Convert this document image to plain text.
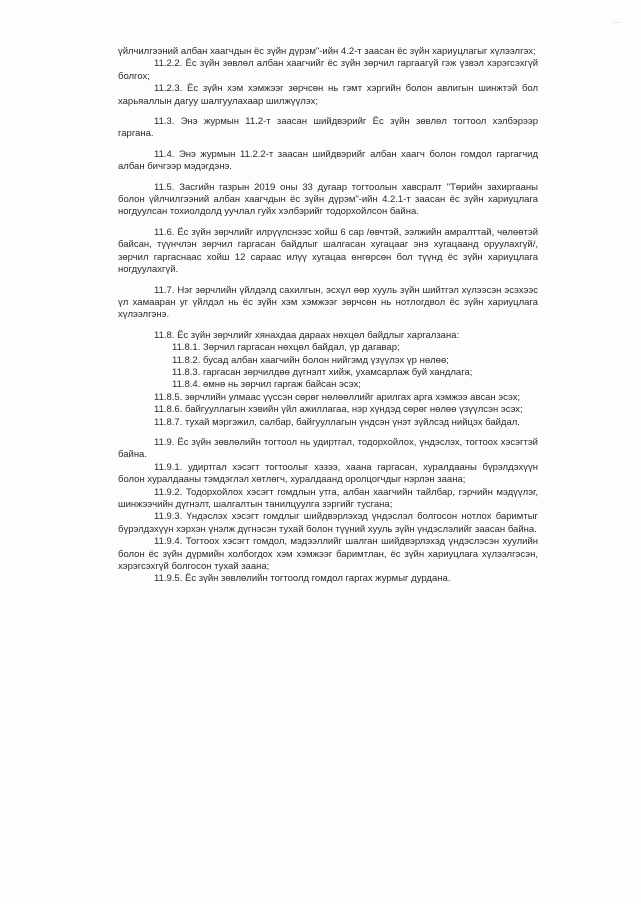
...

үйлчилгээний албан хаагчдын ёс зүйн дүрэм"-ийн 4.2-т заасан ёс зүйн хариуцлагыг хүлээлгэх;

11.2.2. Ёс зүйн зөвлөл албан хаагчийг ёс зүйн зөрчил гаргаагүй гэж үзвэл хэрэгсэхгүй болгох;

11.2.3. Ёс зүйн хэм хэмжээг зөрчсөн нь гэмт хэргийн болон авлигын шинжтэй бол харьяаллын дагуу шалгуулахаар шилжүүлэх;

11.3. Энэ журмын 11.2-т заасан шийдвэрийг Ёс зүйн зөвлөл тогтоол хэлбэрээр гаргана.

11.4. Энэ журмын 11.2.2-т заасан шийдвэрийг албан хаагч болон гомдол гаргагчид албан бичгээр мэдэгдэнэ.

11.5. Засгийн газрын 2019 оны 33 дугаар тогтоолын хавсралт "Төрийн захиргааны болон үйлчилгээний албан хаагчдын ёс зүйн дүрэм"-ийн 4.2.1-т заасан ёс зүйн хариуцлага ногдуулсан тохиолдолд уучлал гуйх хэлбэрийг тодорхойлсон байна.

11.6. Ёс зүйн зөрчлийг илрүүлснээс хойш 6 сар /өвчтэй, ээлжийн амралттай, чөлөөтэй байсан, түүнчлэн зөрчил гаргасан байдлыг шалгасан хугацааг энэ хугацаанд оруулахгүй/, зөрчил гаргаснаас хойш 12 сараас илүү хугацаа өнгөрсөн бол түүнд ёс зүйн хариуцлага ногдуулахгүй.

11.7. Нэг зөрчлийн үйлдэлд сахилгын, эсхүл өөр хууль зүйн шийтгэл хүлээсэн эсэхээс үл хамааран уг үйлдэл нь ёс зүйн хэм хэмжээг зөрчсөн нь нотлогдвол ёс зүйн хариуцлага хүлээлгэнэ.

11.8. Ёс зүйн зөрчлийг хянахдаа дараах нөхцөл байдлыг харгалзана:

11.8.1. Зөрчил гаргасан нөхцөл байдал, үр дагавар;

11.8.2. бусад албан хаагчийн болон нийгэмд үзүүлэх үр нөлөө;

11.8.3. гаргасан зөрчилдөө дүгнэлт хийж, ухамсарлаж буй хандлага;

11.8.4. өмнө нь зөрчил гаргаж байсан эсэх;

11.8.5. зөрчлийн улмаас үүссэн сөрөг нөлөөллийг арилгах арга хэмжээ авсан эсэх;

11.8.6. байгууллагын хэвийн үйл ажиллагаа, нэр хүндэд сөрөг нөлөө үзүүлсэн эсэх;

11.8.7. тухай мэргэжил, салбар, байгууллагын үндсэн үнэт зүйлсэд нийцэх байдал.

11.9. Ёс зүйн зөвлөлийн тогтоол нь удиртгал, тодорхойлох, үндэслэх, тогтоох хэсэгтэй байна.

11.9.1. удиртгал хэсэгт тогтоолыг хэзээ, хаана гаргасан, хуралдааны бүрэлдэхүүн болон хуралдааны тэмдэглэл хөтлөгч, хуралдаанд оролцогчдыг нэрлэн заана;

11.9.2. Тодорхойлох хэсэгт гомдлын утга, албан хаагчийн тайлбар, гэрчийн мэдүүлэг, шинжээчийн дүгнэлт, шалгалтын танилцуулга зэргийг тусгана;

11.9.3. Үндэслэх хэсэгт гомдлыг шийдвэрлэхэд үндэслэл болгосон нотлох баримтыг бүрэлдэхүүн хэрхэн үнэлж дүгнэсэн тухай болон түүний хууль зүйн үндэслэлийг заасан байна.

11.9.4. Тогтоох хэсэгт гомдол, мэдээллийг шалган шийдвэрлэхэд үндэслэсэн хуулийн болон ёс зүйн дүрмийн холбогдох хэм хэмжээг баримтлан, ёс зүйн хариуцлага хүлээлгэсэн, хэрэгсэхгүй болгосон тухай заана;

11.9.5. Ёс зүйн зөвлөлийн тогтоолд гомдол гаргах журмыг дурдана.
